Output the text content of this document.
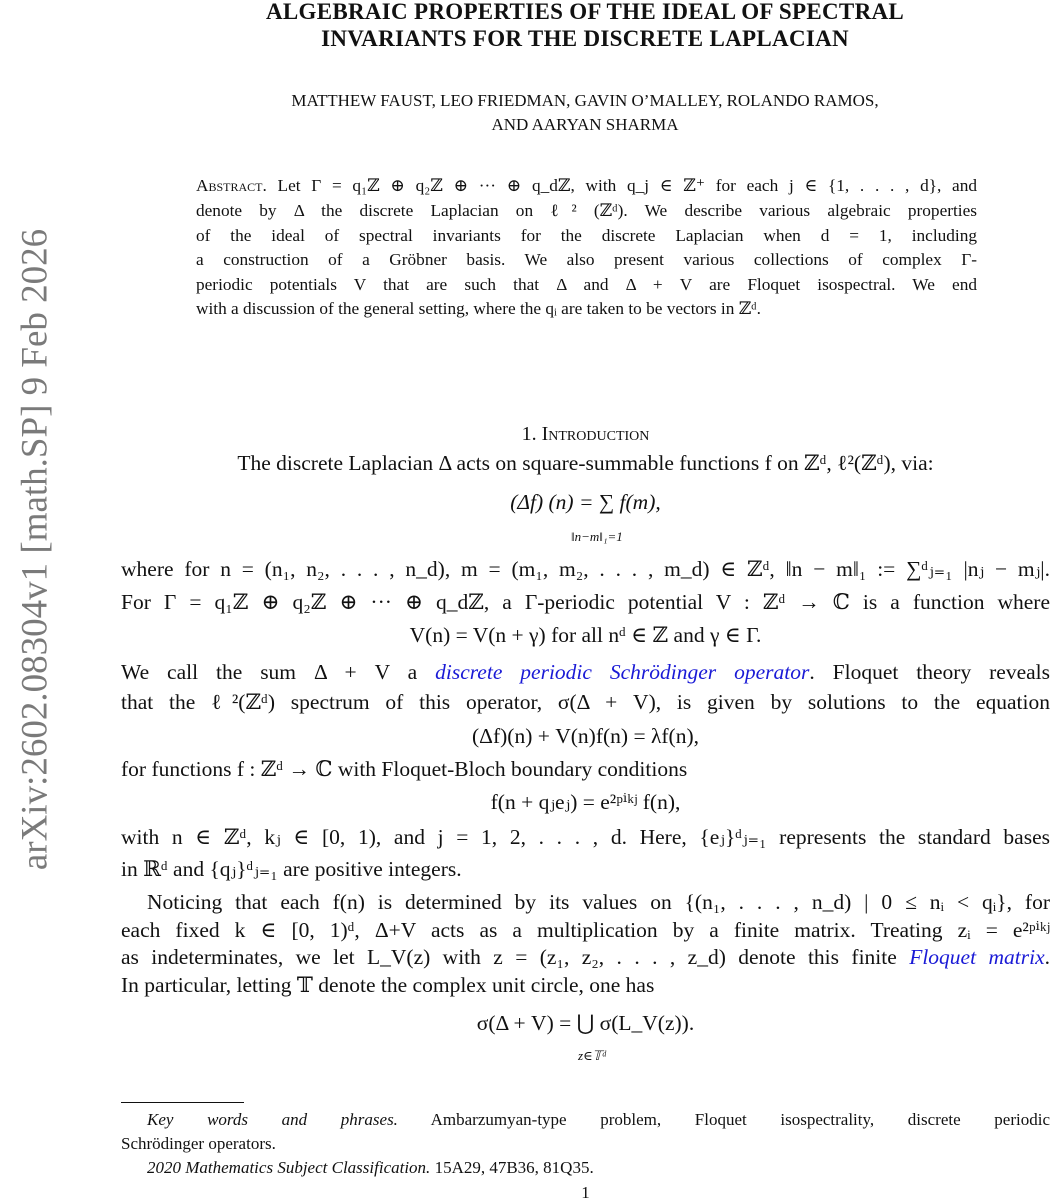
arXiv:2602.08304v1 [math.SP] 9 Feb 2026
ALGEBRAIC PROPERTIES OF THE IDEAL OF SPECTRAL
INVARIANTS FOR THE DISCRETE LAPLACIAN
MATTHEW FAUST, LEO FRIEDMAN, GAVIN O’MALLEY, ROLANDO RAMOS,
AND AARYAN SHARMA
Abstract. Let Γ = q₁ℤ ⊕ q₂ℤ ⊕ ··· ⊕ q_dℤ, with q_j ∈ ℤ⁺ for each j ∈ {1, . . . , d}, and
denote by Δ the discrete Laplacian on ℓ² (ℤᵈ). We describe various algebraic properties
of the ideal of spectral invariants for the discrete Laplacian when d = 1, including
a construction of a Gröbner basis. We also present various collections of complex Γ-
periodic potentials V that are such that Δ and Δ + V are Floquet isospectral. We end
with a discussion of the general setting, where the qᵢ are taken to be vectors in ℤᵈ.
1. Introduction
The discrete Laplacian Δ acts on square-summable functions f on ℤᵈ, ℓ²(ℤᵈ), via:
(Δf) (n) = ∑ f(m),
‖n−m‖₁=1
where for n = (n₁, n₂, . . . , n_d), m = (m₁, m₂, . . . , m_d) ∈ ℤᵈ, ‖n − m‖₁ := ∑ᵈⱼ₌₁ |nⱼ − mⱼ|.
For Γ = q₁ℤ ⊕ q₂ℤ ⊕ ··· ⊕ q_dℤ, a Γ-periodic potential V : ℤᵈ → ℂ is a function where
V(n) = V(n + γ) for all nᵈ ∈ ℤ and γ ∈ Γ.
We call the sum Δ + V a discrete periodic Schrödinger operator. Floquet theory reveals
that the ℓ²(ℤᵈ) spectrum of this operator, σ(Δ + V), is given by solutions to the equation
(Δf)(n) + V(n)f(n) = λf(n),
for functions f : ℤᵈ → ℂ with Floquet-Bloch boundary conditions
f(n + qⱼeⱼ) = e²ᵖⁱᵏʲ f(n),
with n ∈ ℤᵈ, kⱼ ∈ [0, 1), and j = 1, 2, . . . , d. Here, {eⱼ}ᵈⱼ₌₁ represents the standard bases
in ℝᵈ and {qⱼ}ᵈⱼ₌₁ are positive integers.
Noticing that each f(n) is determined by its values on {(n₁, . . . , n_d) | 0 ≤ nᵢ < qᵢ}, for
each fixed k ∈ [0, 1)ᵈ, Δ+V acts as a multiplication by a finite matrix. Treating zᵢ = e²ᵖⁱᵏʲ
as indeterminates, we let L_V(z) with z = (z₁, z₂, . . . , z_d) denote this finite Floquet matrix.
In particular, letting 𝕋 denote the complex unit circle, one has
σ(Δ + V) = ⋃ σ(L_V(z)).
z∈𝕋ᵈ
Key words and phrases. Ambarzumyan-type problem, Floquet isospectrality, discrete periodic
Schrödinger operators.
2020 Mathematics Subject Classification. 15A29, 47B36, 81Q35.
1
